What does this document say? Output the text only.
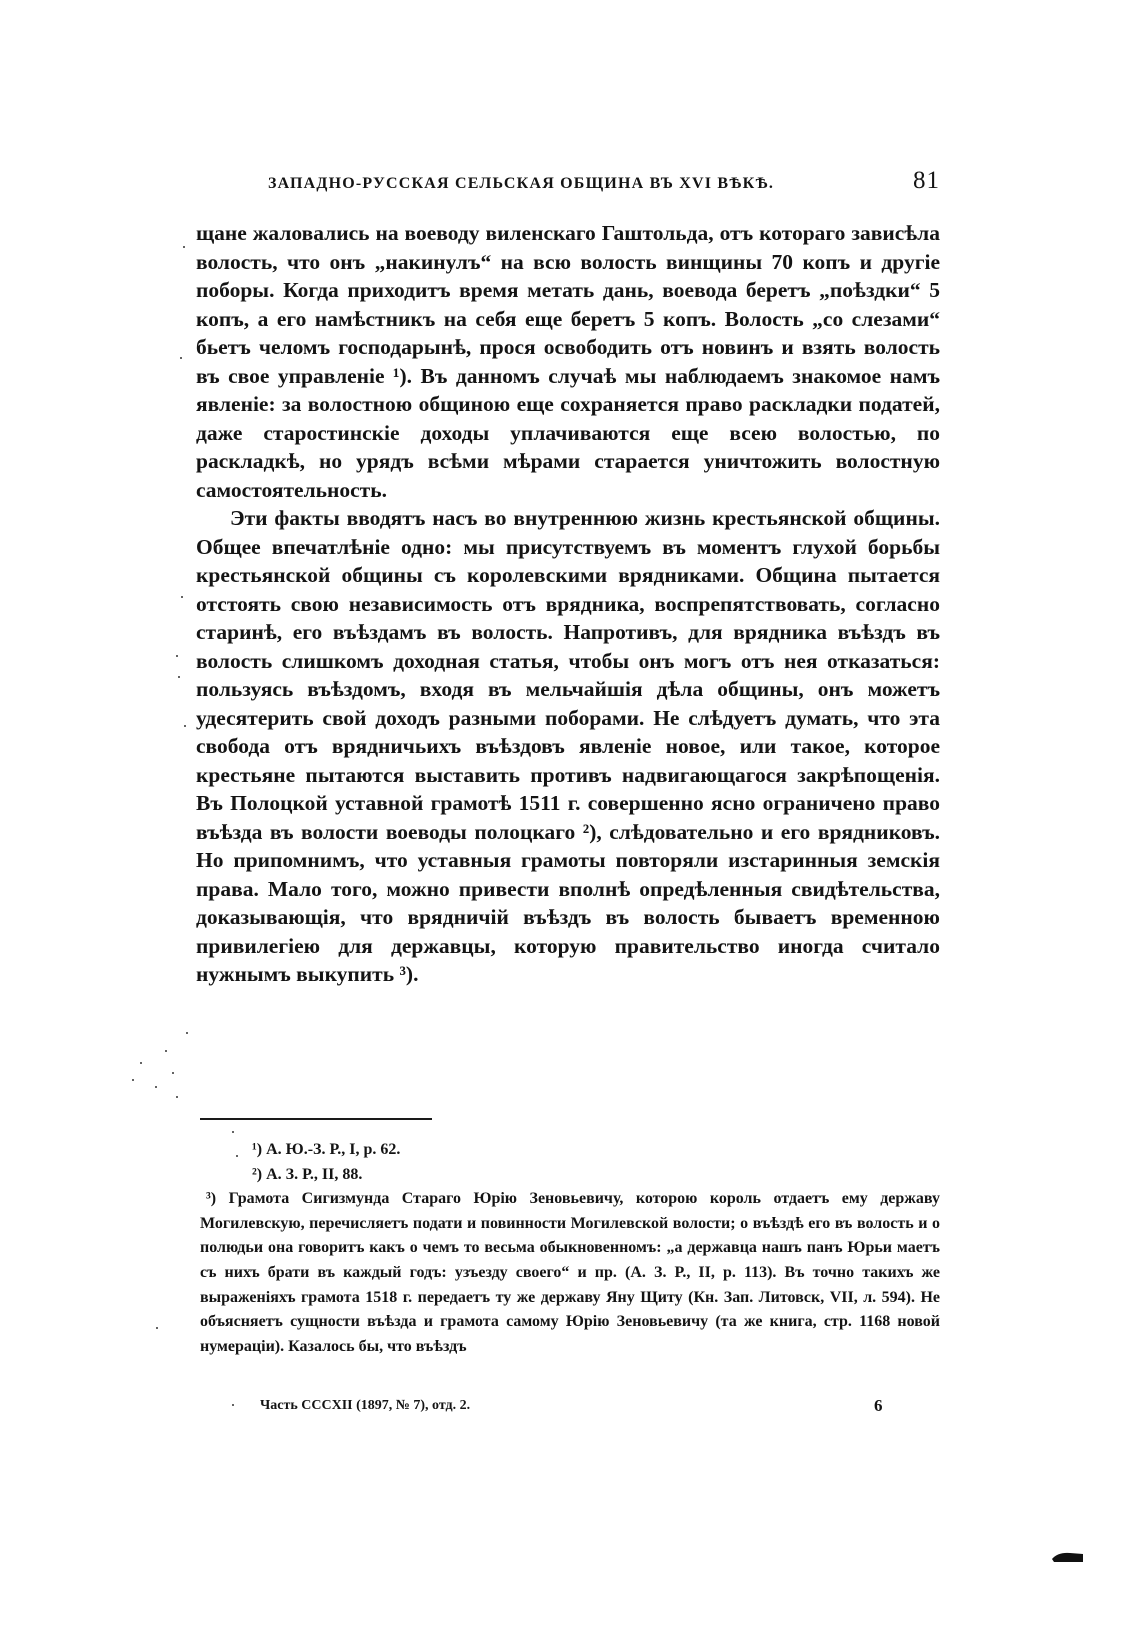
ЗАПАДНО-РУССКАЯ СЕЛЬСКАЯ ОБЩИНА ВЪ XVI ВѢКѢ.	81

щане жаловались на воеводу виленскаго Гаштольда, отъ котораго зависѣла волость, что онъ „накинулъ“ на всю волость винщины 70 копъ и другіе поборы. Когда приходитъ время метать дань, воевода беретъ „поѣздки“ 5 копъ, а его намѣстникъ на себя еще беретъ 5 копъ. Волость „со слезами“ бьетъ челомъ господарынѣ, прося освободить отъ новинъ и взять волость въ свое управленіе ¹). Въ данномъ случаѣ мы наблюдаемъ знакомое намъ явленіе: за волостною общиною еще сохраняется право раскладки податей, даже старостинскіе доходы уплачиваются еще всею волостью, по раскладкѣ, но урядъ всѣми мѣрами старается уничтожить волостную самостоятельность.

Эти факты вводятъ насъ во внутреннюю жизнь крестьянской общины. Общее впечатлѣніе одно: мы присутствуемъ въ моментъ глухой борьбы крестьянской общины съ королевскими врядниками. Община пытается отстоять свою независимость отъ врядника, воспрепятствовать, согласно старинѣ, его въѣздамъ въ волость. Напротивъ, для врядника въѣздъ въ волость слишкомъ доходная статья, чтобы онъ могъ отъ нея отказаться: пользуясь въѣздомъ, входя въ мельчайшія дѣла общины, онъ можетъ удесятерить свой доходъ разными поборами. Не слѣдуетъ думать, что эта свобода отъ врядничьихъ въѣздовъ явленіе новое, или такое, которое крестьяне пытаются выставить противъ надвигающагося закрѣпощенія. Въ Полоцкой уставной грамотѣ 1511 г. совершенно ясно ограничено право въѣзда въ волости воеводы полоцкаго ²), слѣдовательно и его врядниковъ. Но припомнимъ, что уставныя грамоты повторяли изстаринныя земскія права. Мало того, можно привести вполнѣ опредѣленныя свидѣтельства, доказывающія, что врядничій въѣздъ въ волость бываетъ временною привилегіею для державцы, которую правительство иногда считало нужнымъ выкупить ³).

¹) А. Ю.-З. Р., I, р. 62.

²) А. З. Р., II, 88.

³) Грамота Сигизмунда Стараго Юрію Зеновьевичу, которою король отдаетъ ему державу Могилевскую, перечисляетъ подати и повинности Могилевской волости; о въѣздѣ его въ волость и о полюдьи она говоритъ какъ о чемъ то весьма обыкновенномъ: „а державца нашъ панъ Юрьи маетъ съ нихъ брати въ каждый годъ: узъезду своего“ и пр. (А. З. Р., II, р. 113). Въ точно такихъ же выраженіяхъ грамота 1518 г. передаетъ ту же державу Яну Щиту (Кн. Зап. Литовск, VII, л. 594). Не объясняетъ сущности въѣзда и грамота самому Юрію Зеновьевичу (та же книга, стр. 1168 новой нумераціи). Казалось бы, что въѣздъ

Часть CCCXII (1897, № 7), отд. 2.	6
